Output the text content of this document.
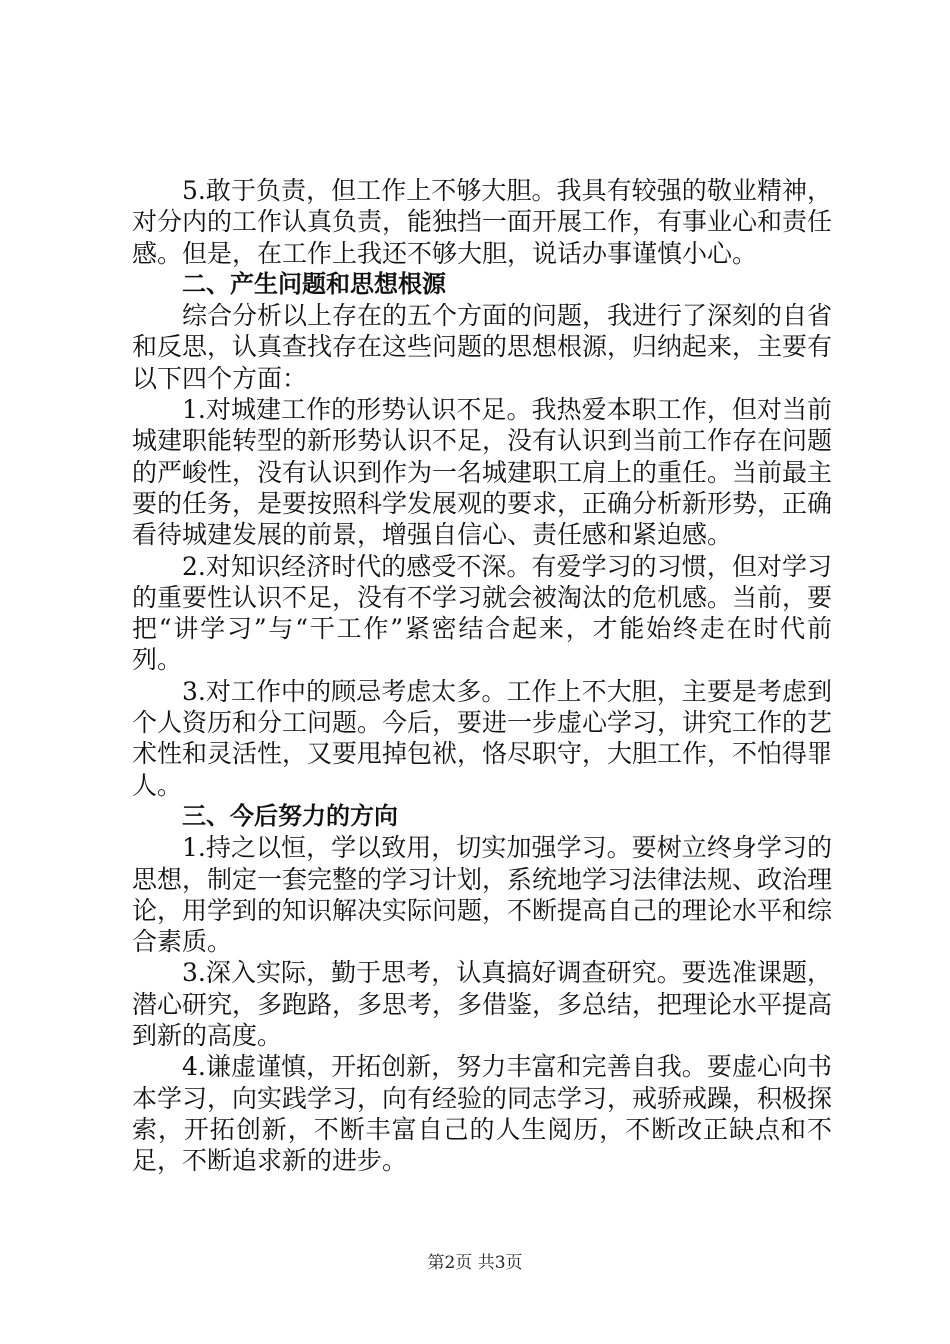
5.敢于负责，但工作上不够大胆。我具有较强的敬业精神，对分内的工作认真负责，能独挡一面开展工作，有事业心和责任感。但是，在工作上我还不够大胆，说话办事谨慎小心。

二、产生问题和思想根源

综合分析以上存在的五个方面的问题，我进行了深刻的自省和反思，认真查找存在这些问题的思想根源，归纳起来，主要有以下四个方面：

1.对城建工作的形势认识不足。我热爱本职工作，但对当前城建职能转型的新形势认识不足，没有认识到当前工作存在问题的严峻性，没有认识到作为一名城建职工肩上的重任。当前最主要的任务，是要按照科学发展观的要求，正确分析新形势，正确看待城建发展的前景，增强自信心、责任感和紧迫感。

2.对知识经济时代的感受不深。有爱学习的习惯，但对学习的重要性认识不足，没有不学习就会被淘汰的危机感。当前，要把“讲学习”与“干工作”紧密结合起来，才能始终走在时代前列。

3.对工作中的顾忌考虑太多。工作上不大胆，主要是考虑到个人资历和分工问题。今后，要进一步虚心学习，讲究工作的艺术性和灵活性，又要甩掉包袱，恪尽职守，大胆工作，不怕得罪人。

三、今后努力的方向

1.持之以恒，学以致用，切实加强学习。要树立终身学习的思想，制定一套完整的学习计划，系统地学习法律法规、政治理论，用学到的知识解决实际问题，不断提高自己的理论水平和综合素质。

3.深入实际，勤于思考，认真搞好调查研究。要选准课题，潜心研究，多跑路，多思考，多借鉴，多总结，把理论水平提高到新的高度。

4.谦虚谨慎，开拓创新，努力丰富和完善自我。要虚心向书本学习，向实践学习，向有经验的同志学习，戒骄戒躁，积极探索，开拓创新，不断丰富自己的人生阅历，不断改正缺点和不足，不断追求新的进步。

第2页 共3页
